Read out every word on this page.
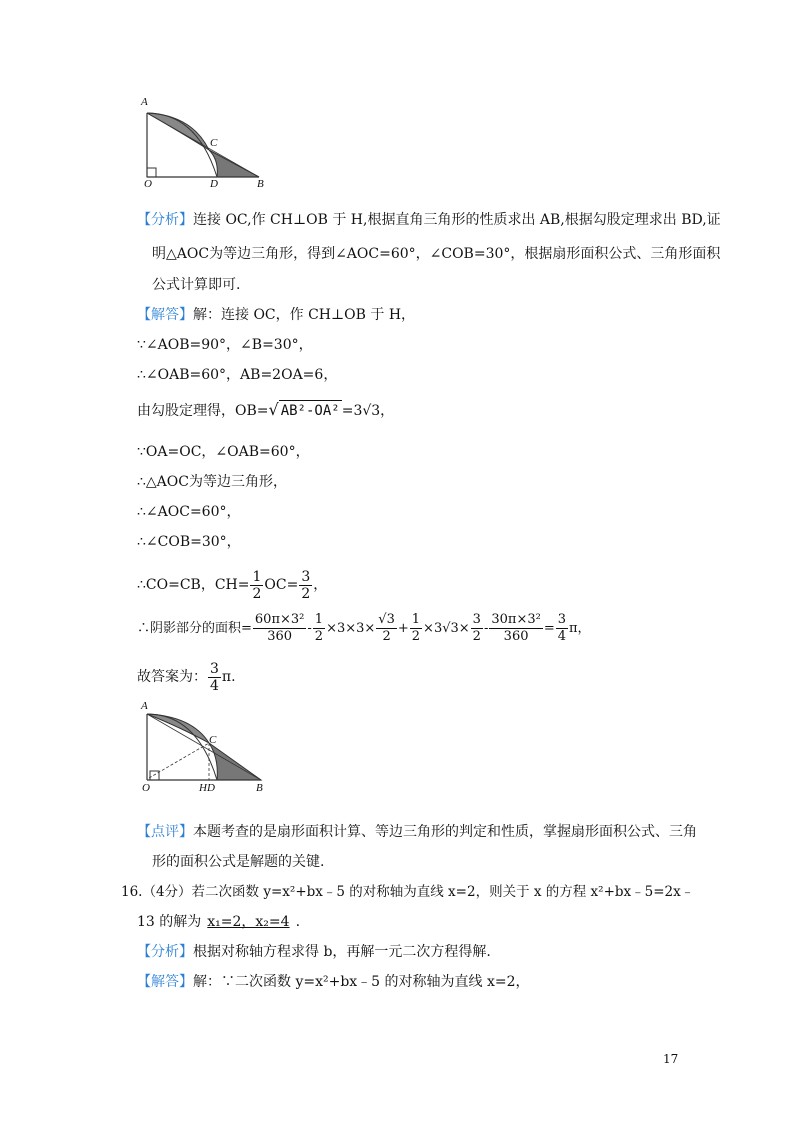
A
C
O	D	B
【分析】连接 OC,作 CH⊥OB 于 H,根据直角三角形的性质求出 AB,根据勾股定理求出 BD,证
明△AOC为等边三角形，得到∠AOC=60°，∠COB=30°，根据扇形面积公式、三角形面积
公式计算即可.
【解答】解：连接 OC，作 CH⊥OB 于 H，
∵∠AOB=90°，∠B=30°，
∴∠OAB=60°，AB=2OA=6，
由勾股定理得，OB=√ AB²-OA² =3√3，
∵OA=OC，∠OAB=60°，
∴△AOC为等边三角形，
∴∠AOC=60°，
∴∠COB=30°，
∴CO=CB，$CH= \frac{1}{2} OC= \frac{3}{2}$ ，
∴阴影部分的面积= $\frac{\text{60π×3²}}{360} - \frac{1}{2} \times 3\times 3\times \frac{√3}{2} + \frac{1}{2} \times 3√3\times \frac{3}{2} - \frac{\text{30π×3²}}{360} = \frac{3}{4}$ π，
故答案为： $\frac{3}{4} \pi$.
A
C
O	HD	B
【点评】本题考查的是扇形面积计算、等边三角形的判定和性质，掌握扇形面积公式、三角
形的面积公式是解题的关键.
16.（4分）若二次函数 y=x²+bx﹣5 的对称轴为直线 x=2，则关于 x 的方程 x²+bx﹣5=2x﹣
13 的解为 x₁=2，x₂=4 .
【分析】根据对称轴方程求得 b，再解一元二次方程得解.
【解答】解：∵二次函数 y=x²+bx﹣5 的对称轴为直线 x=2，
17
